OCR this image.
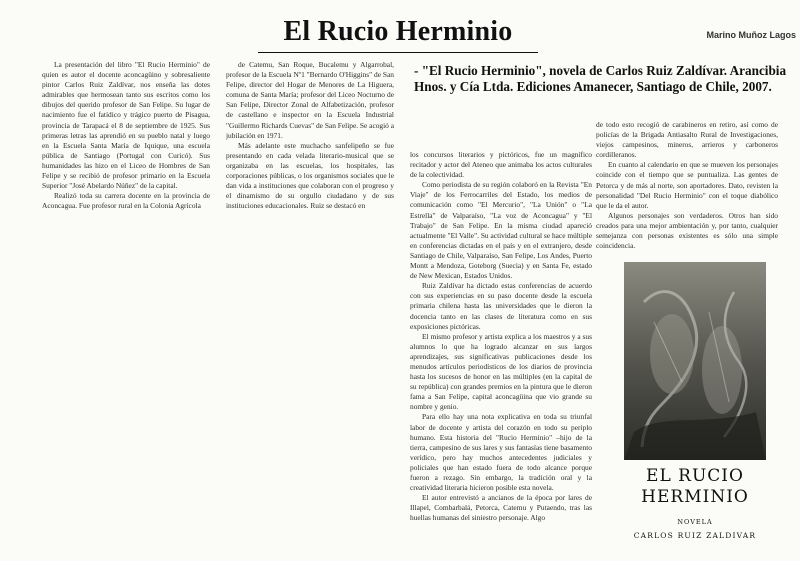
El Rucio Herminio	Marino Muñoz Lagos
- "El Rucio Herminio", novela de Carlos Ruiz Zaldívar. Arancibia Hnos. y Cía Ltda. Ediciones Amanecer, Santiago de Chile, 2007.

La presentación del libro "El Rucio Herminio" de quien es autor el docente aconcagüino y sobresaliente pintor Carlos Ruiz Zaldívar, nos enseña las dotes admirables que hermosean tanto sus escritos como los dibujos del querido profesor de San Felipe. Su lugar de nacimiento fue el fatídico y trágico puerto de Pisagua, provincia de Tarapacá el 8 de septiembre de 1925. Sus primeras letras las aprendió en su pueblo natal y luego en la Escuela Santa María de Iquique, una escuela pública de Santiago (Portugal con Curicó). Sus humanidades las hizo en el Liceo de Hombres de San Felipe y se recibió de profesor primario en la Escuela Superior "José Abelardo Núñez" de la capital.

Realizó toda su carrera docente en la provincia de Aconcagua. Fue profesor rural en la Colonia Agrícola

de Catemu, San Roque, Bucalemu y Algarrobal, profesor de la Escuela Nº1 "Bernardo O'Higgins" de San Felipe, director del Hogar de Menores de La Higuera, comuna de Santa María; profesor del Liceo Nocturno de San Felipe, Director Zonal de Alfabetización, profesor de castellano e inspector en la Escuela Industrial "Guillermo Richards Cuevas" de San Felipe. Se acogió a jubilación en 1971.

Más adelante este muchacho sanfelipeño se fue presentando en cada velada literario-musical que se organizaba en las escuelas, los hospitales, las corporaciones públicas, o los organismos sociales que le dan vida a instituciones que colaboran con el progreso y el dinamismo de su orgullo ciudadano y de sus instituciones educacionales. Ruiz se destacó en

los concursos literarios y pictóricos, fue un magnífico recitador y actor del Ateneo que animaba los actos culturales de la colectividad.

Como periodista de su región colaboró en la Revista "En Viaje" de los Ferrocarriles del Estado, los medios de comunicación como "El Mercurio", "La Unión" o "La Estrella" de Valparaíso, "La voz de Aconcagua" y "El Trabajo" de San Felipe. En la misma ciudad apareció actualmente "El Valle". Su actividad cultural se hace múltiple en conferencias dictadas en el país y en el extranjero, desde Santiago de Chile, Valparaíso, San Felipe, Los Andes, Puerto Montt a Mendoza, Goteborg (Suecia) y en Santa Fe, estado de New Mexican, Estados Unidos.

Ruiz Zaldívar ha dictado estas conferencias de acuerdo con sus experiencias en su paso docente desde la escuela primaria chilena hasta las universidades que le dieron la docencia tanto en las clases de literatura como en sus exposiciones pictóricas.

El mismo profesor y artista explica a los maestros y a sus alumnos lo que ha logrado alcanzar en sus largos aprendizajes, sus significativas publicaciones desde los menudos artículos periodísticos de los diarios de provincia hasta los sucesos de honor en las múltiples (en la capital de su república) con grandes premios en la pintura que le dieron fama a San Felipe, capital aconcagüina que vio grande su nombre y genio.

Para ello hay una nota explicativa en toda su triunfal labor de docente y artista del corazón en todo su periplo humano. Esta historia del "Rucio Herminio" –hijo de la tierra, campesino de sus lares y sus fantasías tiene basamento verídico, pero hay muchos antecedentes judiciales y policiales que han estado fuera de todo alcance porque fueron a rezago. Sin embargo, la tradición oral y la creatividad literaria hicieron posible esta novela.

El autor entrevistó a ancianos de la época por lares de Illapel, Combarbalá, Petorca, Catemu y Putaendo, tras las huellas humanas del siniestro personaje. Algo

de todo esto recogió de carabineros en retiro, así como de policías de la Brigada Antiasalto Rural de Investigaciones, viejos campesinos, mineros, arrieros y carboneros cordilleranos.

En cuanto al calendario en que se mueven los personajes coincide con el tiempo que se puntualiza. Las gentes de Petorca y de más al norte, son aportadores. Dato, revisten la personalidad "Del Rucio Herminio" con el toque diabólico que le da el autor.

Algunos personajes son verdaderos. Otros han sido creados para una mejor ambientación y, por tanto, cualquier semejanza con personas existentes es sólo una simple coincidencia.

EL RUCIO
HERMINIO
NOVELA
CARLOS RUIZ ZALDIVAR
